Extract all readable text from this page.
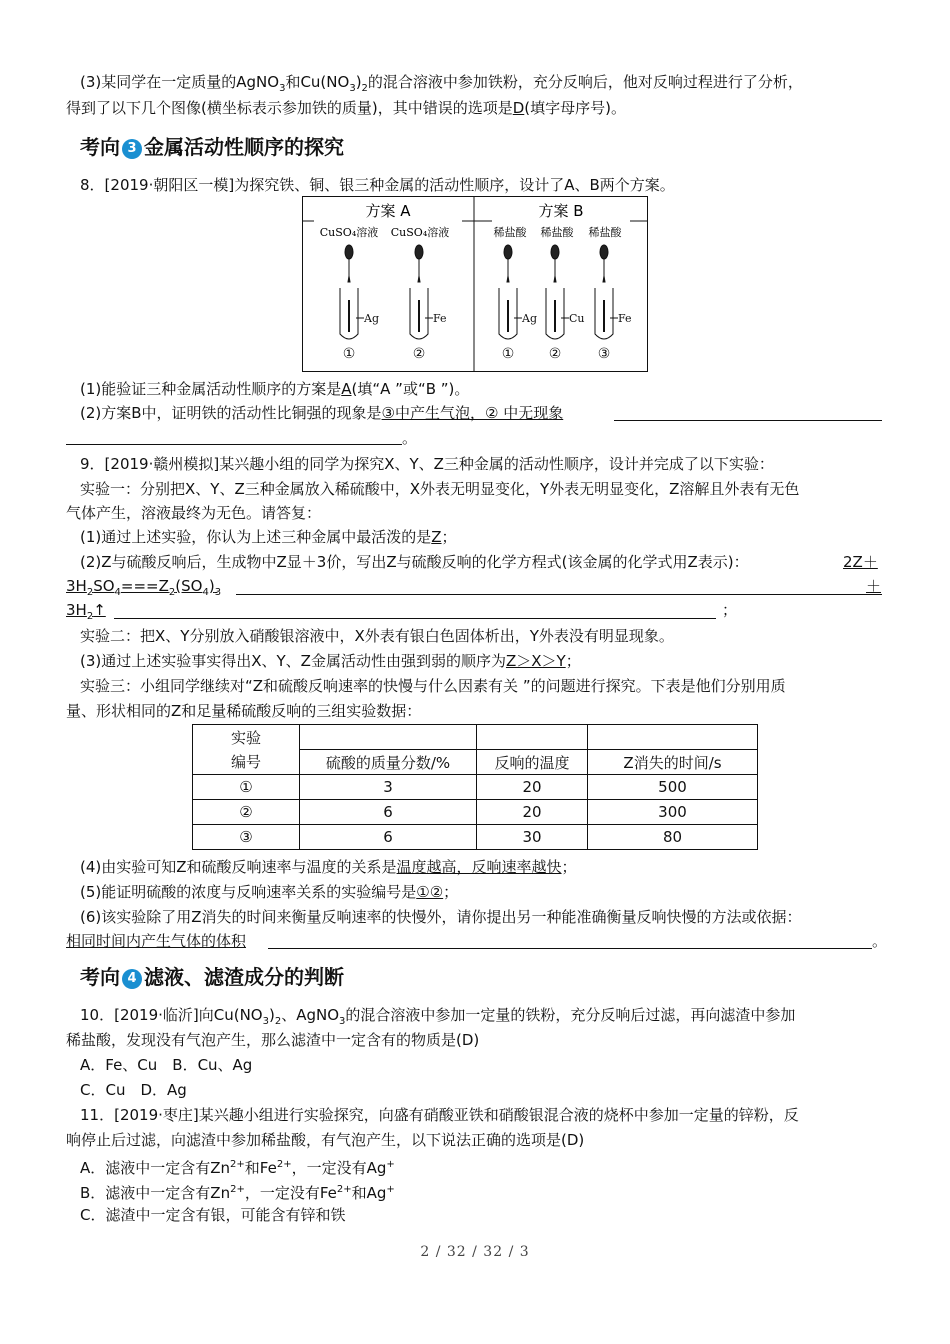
(3)某同学在一定质量的AgNO$_3$和$Cu(NO_3)_2$的混合溶液中参加铁粉，充分反响后，他对反响过程进行了分析，
得到了以下几个图像(横坐标表示参加铁的质量)，其中错误的选项是D(填字母序号)。
考向 3 金属活动性顺序的探究
8．[2019·朝阳区一模]为探究铁、铜、银三种金属的活动性顺序，设计了A、B两个方案。
方案 A	方案 B
CuSO₄溶液 CuSO₄溶液	稀盐酸 稀盐酸 稀盐酸
Ag	Fe	Ag	Cu	Fe
①	②	① ②	③
(1)能验证三种金属活动性顺序的方案是A(填“A ”或“B ”)。
(2)方案B中，证明铁的活动性比铜强的现象是③中产生气泡，② 中无现象
。
9．[2019·赣州模拟]某兴趣小组的同学为探究X、Y、Z三种金属的活动性顺序，设计并完成了以下实验：
实验一：分别把X、Y、Z三种金属放入稀硫酸中，X外表无明显变化，Y外表无明显变化，Z溶解且外表有无色
气体产生，溶液最终为无色。请答复：
(1)通过上述实验，你认为上述三种金属中最活泼的是Z；
(2)Z与硫酸反响后，生成物中Z显＋3价，写出Z与硫酸反响的化学方程式(该金属的化学式用Z表示)：	2Z＋
$3H_2SO_4===Z_2(SO_4)_3$	＋
$3H_2↑$	；
实验二：把X、Y分别放入硝酸银溶液中，X外表有银白色固体析出，Y外表没有明显现象。
(3)通过上述实验事实得出X、Y、Z金属活动性由强到弱的顺序为Z＞X＞Y；
实验三：小组同学继续对“Z和硫酸反响速率的快慢与什么因素有关 ”的问题进行探究。下表是他们分别用质
量、形状相同的Z和足量稀硫酸反响的三组实验数据：
实验			
编号	硫酸的质量分数/%	反响的温度	Z消失的时间/s
①	3	20	500
②	6	20	300
③	6	30	80
(4)由实验可知Z和硫酸反响速率与温度的关系是温度越高，反响速率越快；
(5)能证明硫酸的浓度与反响速率关系的实验编号是①②；
(6)该实验除了用Z消失的时间来衡量反响速率的快慢外，请你提出另一种能准确衡量反响快慢的方法或依据：
相同时间内产生气体的体积	。
考向 4 滤液、滤渣成分的判断
10．[2019·临沂]向$Cu(NO_3)_2$、AgNO$_3$的混合溶液中参加一定量的铁粉，充分反响后过滤，再向滤渣中参加
稀盐酸，发现没有气泡产生，那么滤渣中一定含有的物质是(D)
A．Fe、Cu　B．Cu、Ag
C．Cu　D．Ag
11．[2019·枣庄]某兴趣小组进行实验探究，向盛有硝酸亚铁和硝酸银混合液的烧杯中参加一定量的锌粉，反
响停止后过滤，向滤渣中参加稀盐酸，有气泡产生，以下说法正确的选项是(D)
A．滤液中一定含有$Zn^{2+}$和$Fe^{2+}$，一定没有Ag+
B．滤液中一定含有$Zn^{2+}$，一定没有$Fe^{2+}$和Ag+
C．滤渣中一定含有银，可能含有锌和铁
2 / 32 / 32 / 3
